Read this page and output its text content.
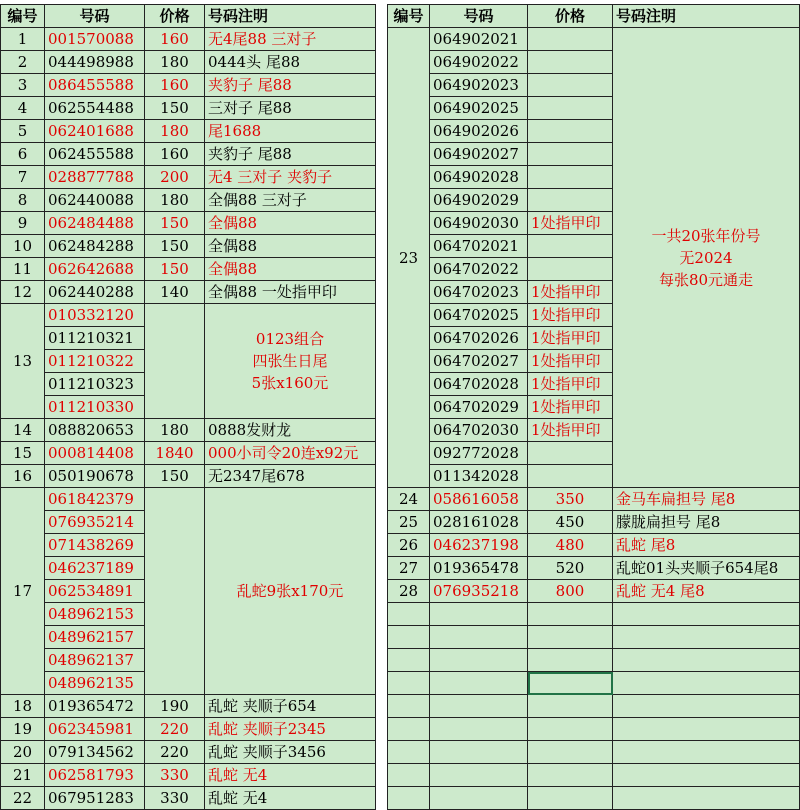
编号	号码	价格	号码注明
1	001570088	160	无4尾88 三对子
2	044498988	180	0444头 尾88
3	086455588	160	夹豹子 尾88
4	062554488	150	三对子 尾88
5	062401688	180	尾1688
6	062455588	160	夹豹子 尾88
7	028877788	200	无4 三对子 夹豹子
8	062440088	180	全偶88 三对子
9	062484488	150	全偶88
10	062484288	150	全偶88
11	062642688	150	全偶88
12	062440288	140	全偶88 一处指甲印
13	010332120		0123组合
四张生日尾
5张x160元

	011210321		
	011210322		
	011210323		
	011210330		
14	088820653	180	0888发财龙
15	000814408	1840	000小司令20连x92元
16	050190678	150	无2347尾678
17	061842379		乱蛇9张x170元
	076935214		
	071438269		
	046237189		
	062534891		
	048962153		
	048962157		
	048962137		
	048962135		
18	019365472	190	乱蛇 夹顺子654
19	062345981	220	乱蛇 夹顺子2345
20	079134562	220	乱蛇 夹顺子3456
21	062581793	330	乱蛇 无4
22	067951283	330	乱蛇 无4
编号	号码	价格	号码注明
23	064902021		一共20张年份号
无2024
每张80元通走

	064902022		
	064902023		
	064902025		
	064902026		
	064902027		
	064902028		
	064902029		
	064902030	1处指甲印	
	064702021		
	064702022		
	064702023	1处指甲印	
	064702025	1处指甲印	
	064702026	1处指甲印	
	064702027	1处指甲印	
	064702028	1处指甲印	
	064702029	1处指甲印	
	064702030	1处指甲印	
	092772028		
	011342028		
24	058616058	350	金马车扁担号 尾8
25	028161028	450	朦胧扁担号 尾8
26	046237198	480	乱蛇 尾8
27	019365478	520	乱蛇01头夹顺子654尾8
28	076935218	800	乱蛇 无4 尾8
